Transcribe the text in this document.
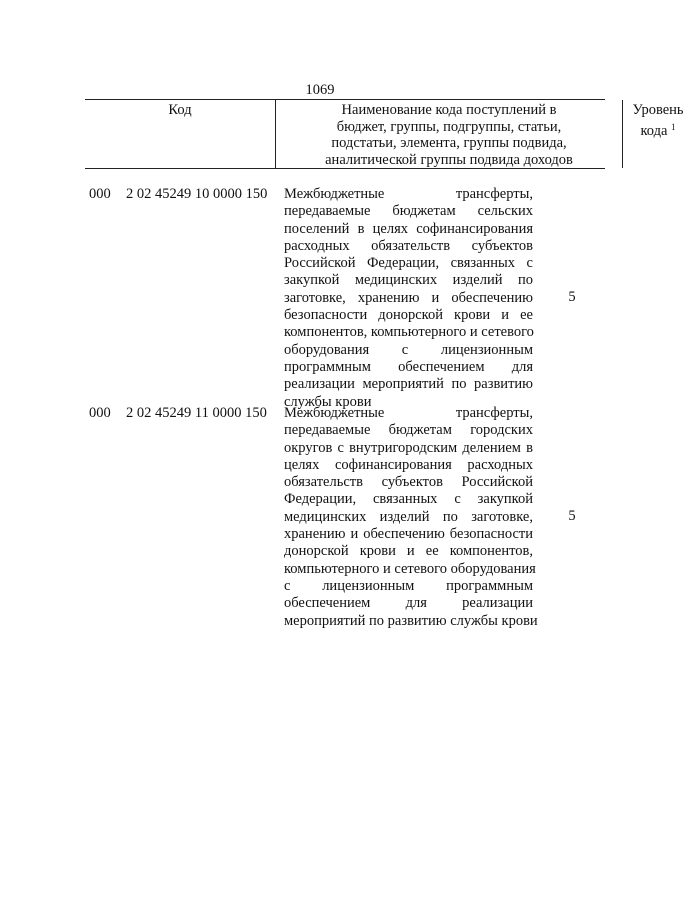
1069
Код	Наименование кода поступлений в
бюджет, группы, подгруппы, статьи,
подстатьи, элемента, группы подвида,
аналитической группы подвида доходов
Уровень
кода $^1$
000 2 02 45249 10 0000 150 Межбюджетные трансферты,
передаваемые бюджетам сельских
поселений в целях софинансирования
расходных обязательств субъектов
Российской Федерации, связанных с
закупкой медицинских изделий по
заготовке, хранению и обеспечению
безопасности донорской крови и ее
компонентов, компьютерного и сетевого
оборудования с лицензионным
программным обеспечением для
реализации мероприятий по развитию
службы крови
5
000 2 02 45249 11 0000 150 Межбюджетные трансферты,
передаваемые бюджетам городских
округов с внутригородским делением в
целях софинансирования расходных
обязательств субъектов Российской
Федерации, связанных с закупкой
медицинских изделий по заготовке,
хранению и обеспечению безопасности
донорской крови и ее компонентов,
компьютерного и сетевого оборудования
с лицензионным программным
обеспечением для реализации
мероприятий по развитию службы крови
5
